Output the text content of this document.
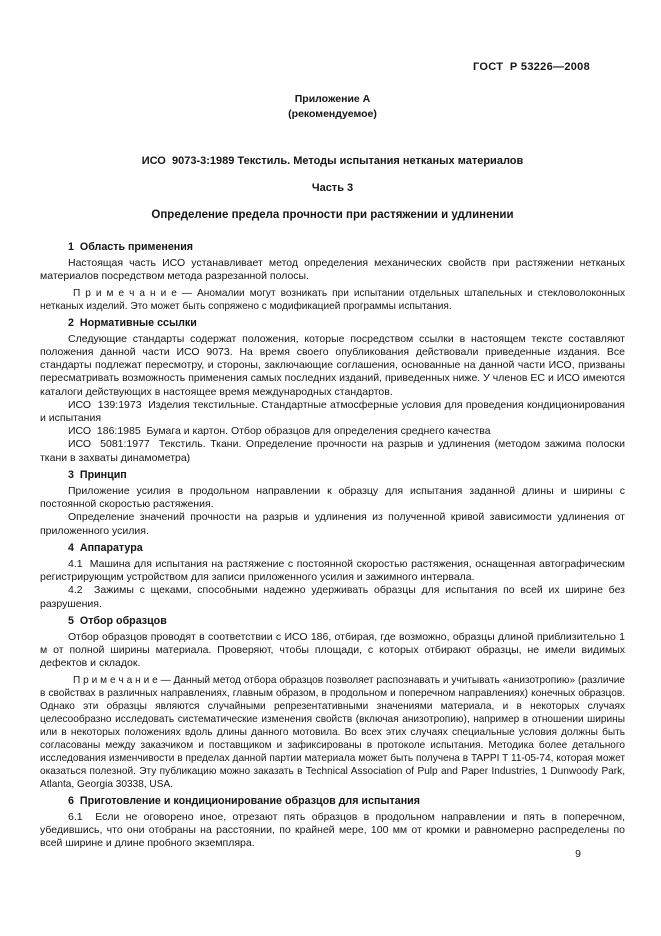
ГОСТ  Р 53226—2008
Приложение А
(рекомендуемое)
ИСО  9073-3:1989 Текстиль. Методы испытания нетканых материалов
Часть 3
Определение предела прочности при растяжении и удлинении
1  Область применения

Настоящая часть ИСО устанавливает метод определения механических свойств при растяжении нетканых материалов посредством метода разрезанной полосы.

П р и м е ч а н и е — Аномалии могут возникать при испытании отдельных штапельных и стекловолоконных нетканых изделий. Это может быть сопряжено с модификацией программы испытания.

2  Нормативные ссылки

Следующие стандарты содержат положения, которые посредством ссылки в настоящем тексте составляют положения данной части ИСО 9073. На время своего опубликования действовали приведенные издания. Все стандарты подлежат пересмотру, и стороны, заключающие соглашения, основанные на данной части ИСО, призваны пересматривать возможность применения самых последних изданий, приведенных ниже. У членов ЕС и ИСО имеются каталоги действующих в настоящее время международных стандартов.

ИСО  139:1973  Изделия текстильные. Стандартные атмосферные условия для проведения кондиционирования и испытания

ИСО  186:1985  Бумага и картон. Отбор образцов для определения среднего качества

ИСО  5081:1977  Текстиль. Ткани. Определение прочности на разрыв и удлинения (методом зажима полоски ткани в захваты динамометра)

3  Принцип

Приложение усилия в продольном направлении к образцу для испытания заданной длины и ширины с постоянной скоростью растяжения.

Определение значений прочности на разрыв и удлинения из полученной кривой зависимости удлинения от приложенного усилия.

4  Аппаратура

4.1  Машина для испытания на растяжение с постоянной скоростью растяжения, оснащенная автографическим регистрирующим устройством для записи приложенного усилия и зажимного интервала.

4.2  Зажимы с щеками, способными надежно удерживать образцы для испытания по всей их ширине без разрушения.

5  Отбор образцов

Отбор образцов проводят в соответствии с ИСО 186, отбирая, где возможно, образцы длиной приблизительно 1 м от полной ширины материала. Проверяют, чтобы площади, с которых отбирают образцы, не имели видимых дефектов и складок.

П р и м е ч а н и е — Данный метод отбора образцов позволяет распознавать и учитывать «анизотропию» (различие в свойствах в различных направлениях, главным образом, в продольном и поперечном направлениях) конечных образцов. Однако эти образцы являются случайными репрезентативными значениями материала, и в некоторых случаях целесообразно исследовать систематические изменения свойств (включая анизотропию), например в отношении ширины или в некоторых положениях вдоль длины данного мотовила. Во всех этих случаях специальные условия должны быть согласованы между заказчиком и поставщиком и зафиксированы в протоколе испытания. Методика более детального исследования изменчивости в пределах данной партии материала может быть получена в TAPPI T 11-05-74, которая может оказаться полезной. Эту публикацию можно заказать в Technical Association of Pulp and Paper Industries, 1 Dunwoody Park, Atlanta, Georgia 30338, USA.

6  Приготовление и кондиционирование образцов для испытания

6.1  Если не оговорено иное, отрезают пять образцов в продольном направлении и пять в поперечном, убедившись, что они отобраны на расстоянии, по крайней мере, 100 мм от кромки и равномерно распределены по всей ширине и длине пробного экземпляра.

9
